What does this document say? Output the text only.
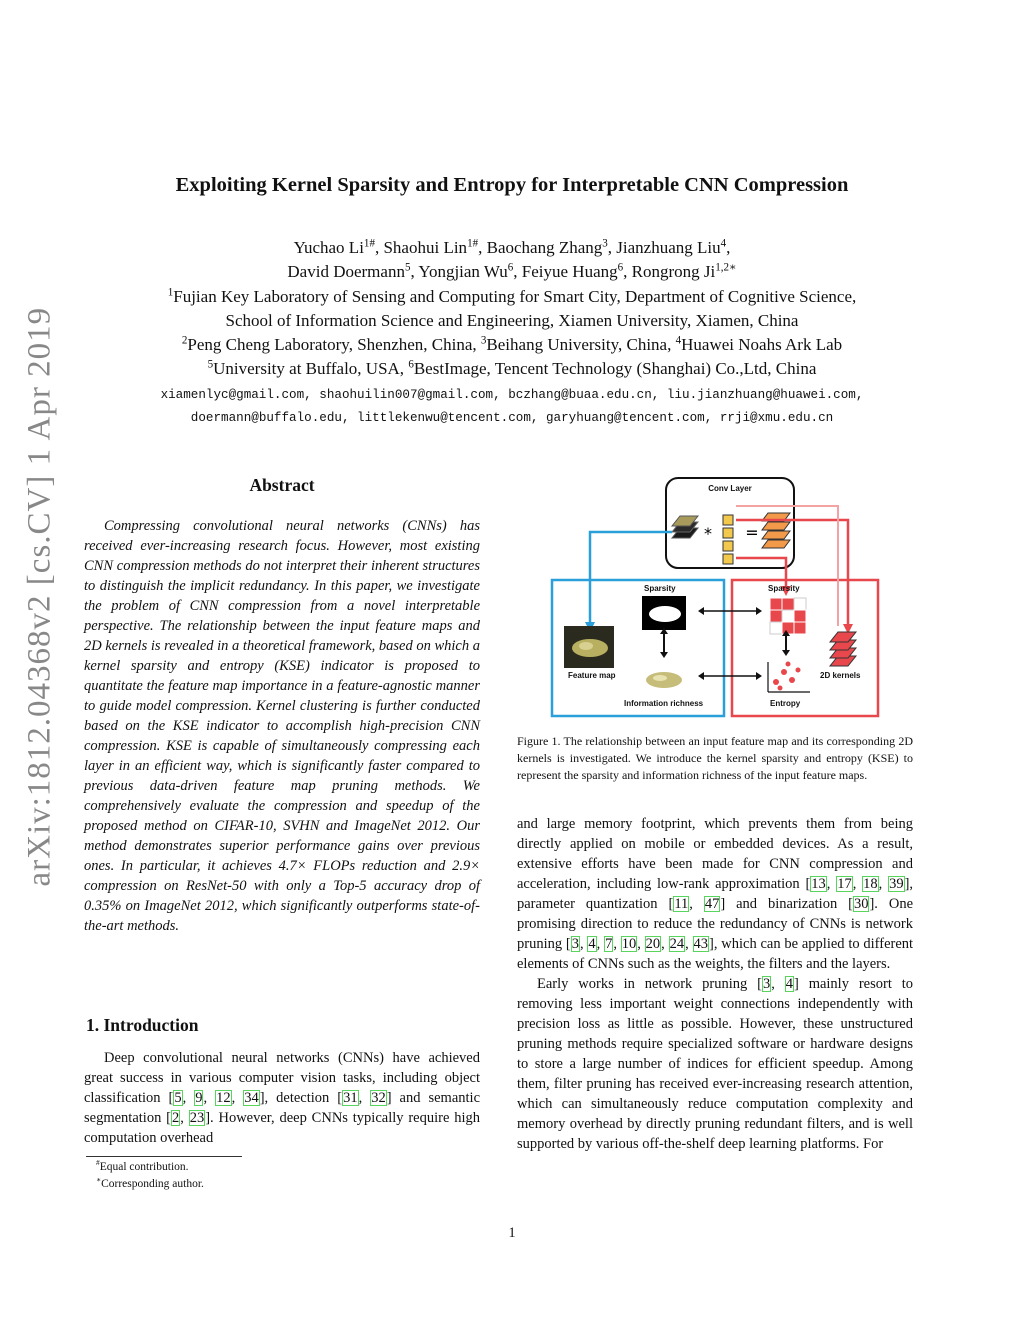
arXiv:1812.04368v2 [cs.CV] 1 Apr 2019
Exploiting Kernel Sparsity and Entropy for Interpretable CNN Compression
Yuchao $Li^{1\#}$, Shaohui Lin$^{1\#}$, Baochang Zhang$^3$, Jianzhuang Liu$^4$,
David Doermann$^5$, Yongjian Wu$^6$, Feiyue Huang$^6$, Rongrong $Ji^{1,2∗}$
$^1$Fujian Key Laboratory of Sensing and Computing for Smart City, Department of Cognitive Science,
School of Information Science and Engineering, Xiamen University, Xiamen, China
$^2$Peng Cheng Laboratory, Shenzhen, China, $^3$Beihang University, China, $^4$Huawei Noahs Ark Lab
$^5$University at Buffalo, USA, $^6$BestImage, Tencent Technology (Shanghai) Co.,Ltd, China
xiamenlyc@gmail.com, shaohuilin007@gmail.com, bczhang@buaa.edu.cn, liu.jianzhuang@huawei.com,
doermann@buffalo.edu, littlekenwu@tencent.com, garyhuang@tencent.com, rrji@xmu.edu.cn
Abstract

Compressing convolutional neural networks (CNNs) has received ever-increasing research focus. However, most existing CNN compression methods do not interpret their inherent structures to distinguish the implicit redundancy. In this paper, we investigate the problem of CNN compression from a novel interpretable perspective. The relationship between the input feature maps and 2D kernels is revealed in a theoretical framework, based on which a kernel sparsity and entropy (KSE) indicator is proposed to quantitate the feature map importance in a feature-agnostic manner to guide model compression. Kernel clustering is further conducted based on the KSE indicator to accomplish high-precision CNN compression. KSE is capable of simultaneously compressing each layer in an efficient way, which is significantly faster compared to previous data-driven feature map pruning methods. We comprehensively evaluate the compression and speedup of the proposed method on CIFAR-10, SVHN and ImageNet 2012. Our method demonstrates superior performance gains over previous ones. In particular, it achieves 4.7× FLOPs reduction and 2.9× compression on ResNet-50 with only a Top-5 accuracy drop of 0.35% on ImageNet 2012, which significantly outperforms state-of-the-art methods.

1. Introduction

Deep convolutional neural networks (CNNs) have achieved great success in various computer vision tasks, including object classification [5, 9, 12, 34], detection [31, 32] and semantic segmentation [2, 23]. However, deep CNNs typically require high computation overhead

#Equal contribution.
∗Corresponding author.
Conv Layer
* =
Feature map
Sparsity
Information richness
Sparsity
Entropy
2D kernels
Figure 1. The relationship between an input feature map and its corresponding 2D kernels is investigated. We introduce the kernel sparsity and entropy (KSE) to represent the sparsity and information richness of the input feature maps.

and large memory footprint, which prevents them from being directly applied on mobile or embedded devices. As a result, extensive efforts have been made for CNN compression and acceleration, including low-rank approximation [13, 17, 18, 39], parameter quantization [11, 47] and binarization [30]. One promising direction to reduce the redundancy of CNNs is network pruning [3, 4, 7, 10, 20, 24, 43], which can be applied to different elements of CNNs such as the weights, the filters and the layers.

Early works in network pruning [3, 4] mainly resort to removing less important weight connections independently with precision loss as little as possible. However, these unstructured pruning methods require specialized software or hardware designs to store a large number of indices for efficient speedup. Among them, filter pruning has received ever-increasing research attention, which can simultaneously reduce computation complexity and memory overhead by directly pruning redundant filters, and is well supported by various off-the-shelf deep learning platforms. For

1
